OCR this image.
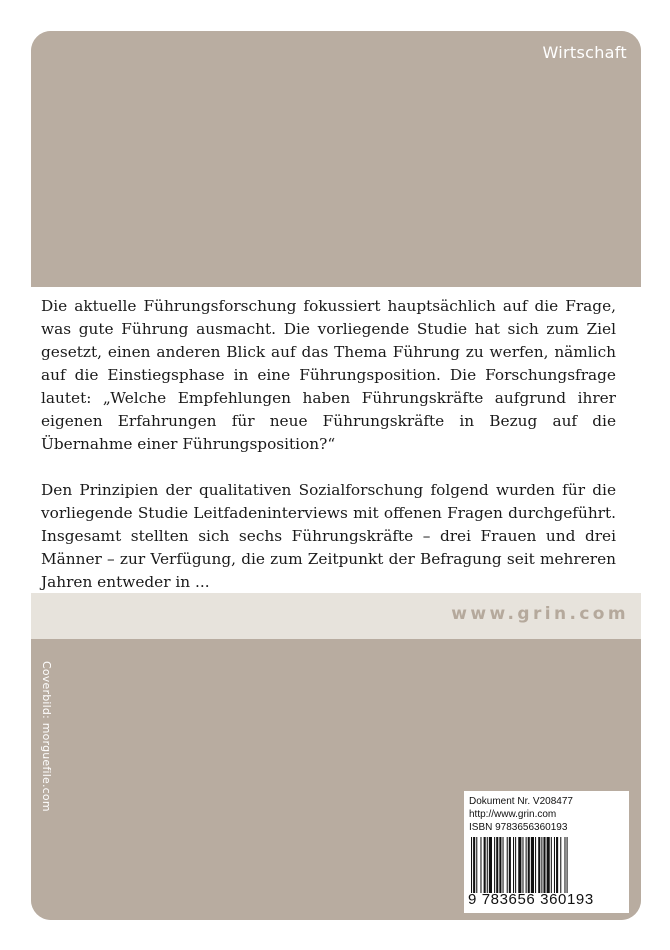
Wirtschaft

Die aktuelle Führungsforschung fokussiert hauptsächlich auf die Frage, was gute Führung ausmacht. Die vorliegende Studie hat sich zum Ziel gesetzt, einen anderen Blick auf das Thema Führung zu werfen, nämlich auf die Einstiegsphase in eine Führungsposition. Die Forschungsfrage lautet: „Welche Empfehlungen haben Führungskräfte aufgrund ihrer eigenen Erfahrungen für neue Führungskräfte in Bezug auf die Übernahme einer Führungsposition?“

Den Prinzipien der qualitativen Sozialforschung folgend wurden für die vorliegende Studie Leitfadeninterviews mit offenen Fragen durchgeführt. Insgesamt stellten sich sechs Führungskräfte – drei Frauen und drei Männer – zur Verfügung, die zum Zeitpunkt der Befragung seit mehreren Jahren entweder in ...

www.grin.com
Coverbild: morguefile.com	Dokument Nr. V208477
http://www.grin.com
ISBN 9783656360193
9 783656 360193
